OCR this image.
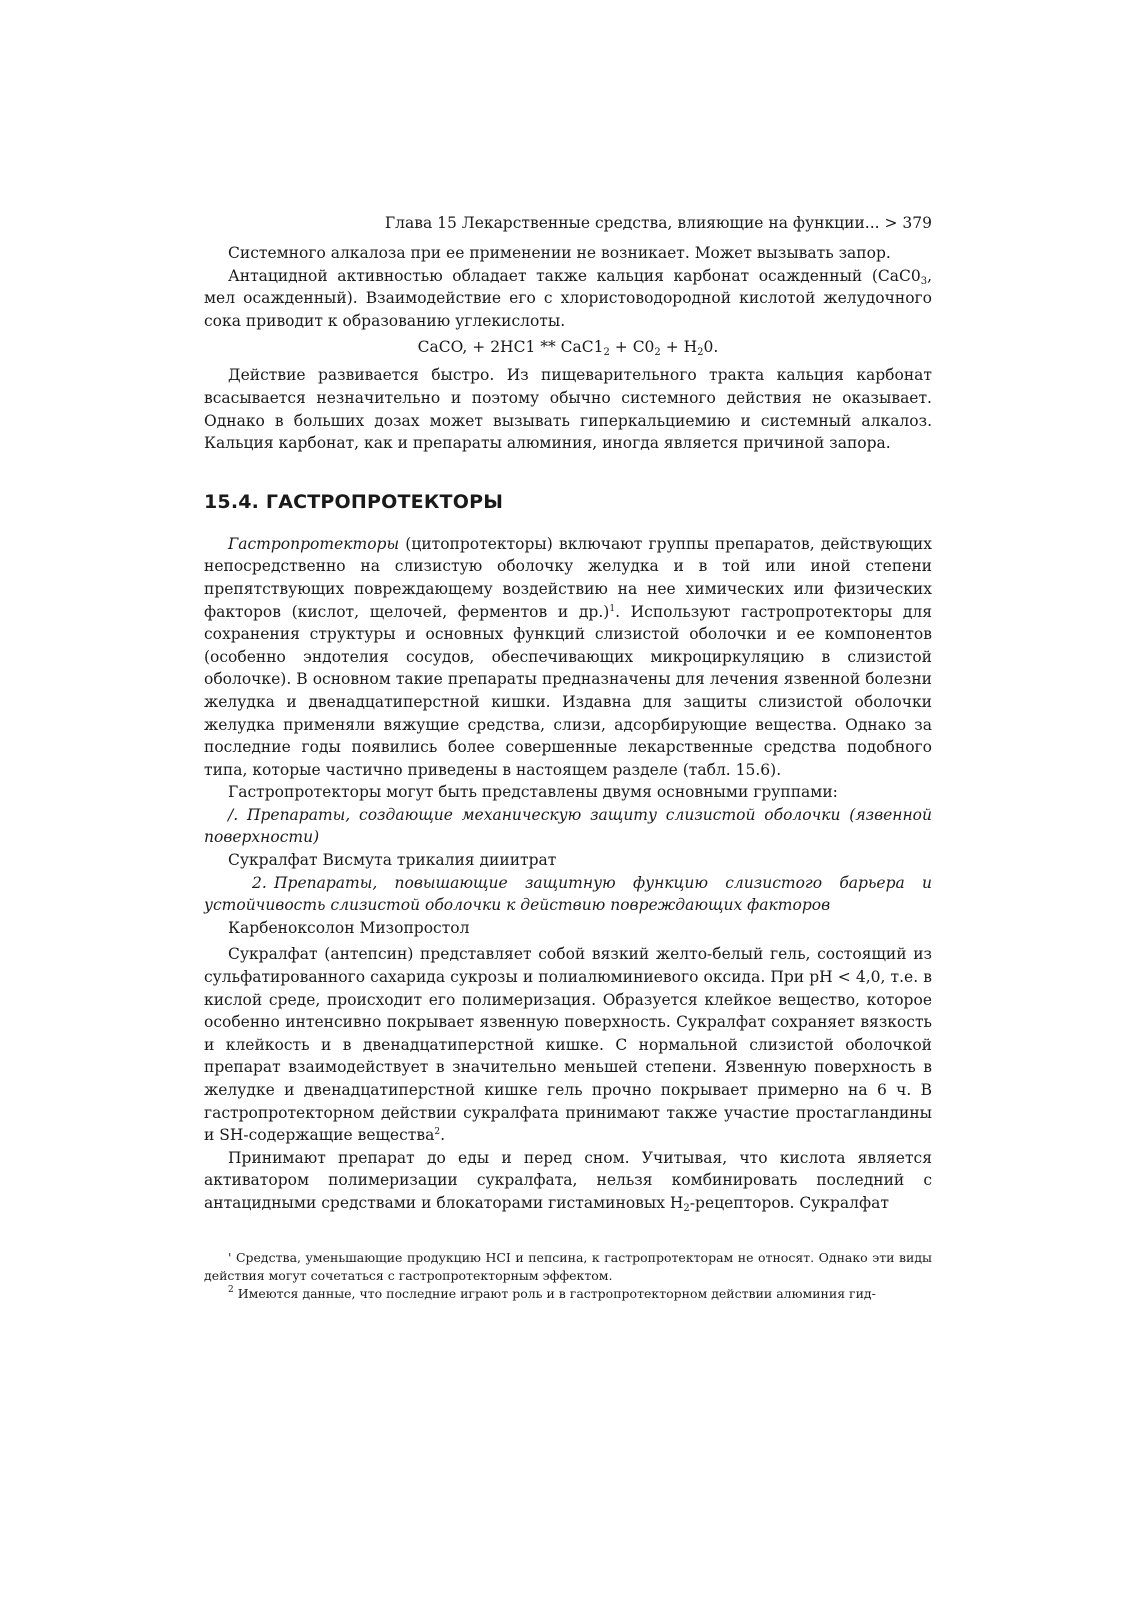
Глава 15 Лекарственные средства, влияющие на функции... > 379

Системного алкалоза при ее применении не возникает. Может вызывать запор.

Антацидной активностью обладает также кальция карбонат осажденный ($CaC0_3$, мел осажденный). Взаимодействие его с хлористоводородной кислотой желудочного сока приводит к образованию углекислоты.

CaCO, + $2HC1 ** CaC1_2 + C0_2 + H_20$.

Действие развивается быстро. Из пищеварительного тракта кальция карбонат всасывается незначительно и поэтому обычно системного действия не оказывает. Однако в больших дозах может вызывать гиперкальциемию и системный алкалоз. Кальция карбонат, как и препараты алюминия, иногда является причиной запора.

15.4. ГАСТРОПРОТЕКТОРЫ

Гастропротекторы (цитопротекторы) включают группы препаратов, действующих непосредственно на слизистую оболочку желудка и в той или иной степени препятствующих повреждающему воздействию на нее химических или физических факторов (кислот, щелочей, ферментов и др.)$^1$. Используют гастропротекторы для сохранения структуры и основных функций слизистой оболочки и ее компонентов (особенно эндотелия сосудов, обеспечивающих микроциркуляцию в слизистой оболочке). В основном такие препараты предназначены для лечения язвенной болезни желудка и двенадцатиперстной кишки. Издавна для защиты слизистой оболочки желудка применяли вяжущие средства, слизи, адсорбирующие вещества. Однако за последние годы появились более совершенные лекарственные средства подобного типа, которые частично приведены в настоящем разделе (табл. 15.6).

Гастропротекторы могут быть представлены двумя основными группами:

/. Препараты, создающие механическую защиту слизистой оболочки (язвенной поверхности)

Сукралфат Висмута трикалия дииитрат

2. Препараты, повышающие защитную функцию слизистого барьера и устойчивость слизистой оболочки к действию повреждающих факторов

Карбеноксолон Мизопростол

Сукралфат (антепсин) представляет собой вязкий желто-белый гель, состоящий из сульфатированного сахарида сукрозы и полиалюминиевого оксида. При pH < 4,0, т.е. в кислой среде, происходит его полимеризация. Образуется клейкое вещество, которое особенно интенсивно покрывает язвенную поверхность. Сукралфат сохраняет вязкость и клейкость и в двенадцатиперстной кишке. С нормальной слизистой оболочкой препарат взаимодействует в значительно меньшей степени. Язвенную поверхность в желудке и двенадцатиперстной кишке гель прочно покрывает примерно на 6 ч. В гастропротекторном действии сукралфата принимают также участие простагландины и SH-содержащие вещества$^2$.

Принимают препарат до еды и перед сном. Учитывая, что кислота является активатором полимеризации сукралфата, нельзя комбинировать последний с антацидными средствами и блокаторами гистаминовых $H_2$-рецепторов. Сукралфат

' Средства, уменьшающие продукцию HCI и пепсина, к гастропротекторам не относят. Однако эти виды действия могут сочетаться с гастропротекторным эффектом.

$^2$ Имеются данные, что последние играют роль и в гастропротекторном действии алюминия гид-
